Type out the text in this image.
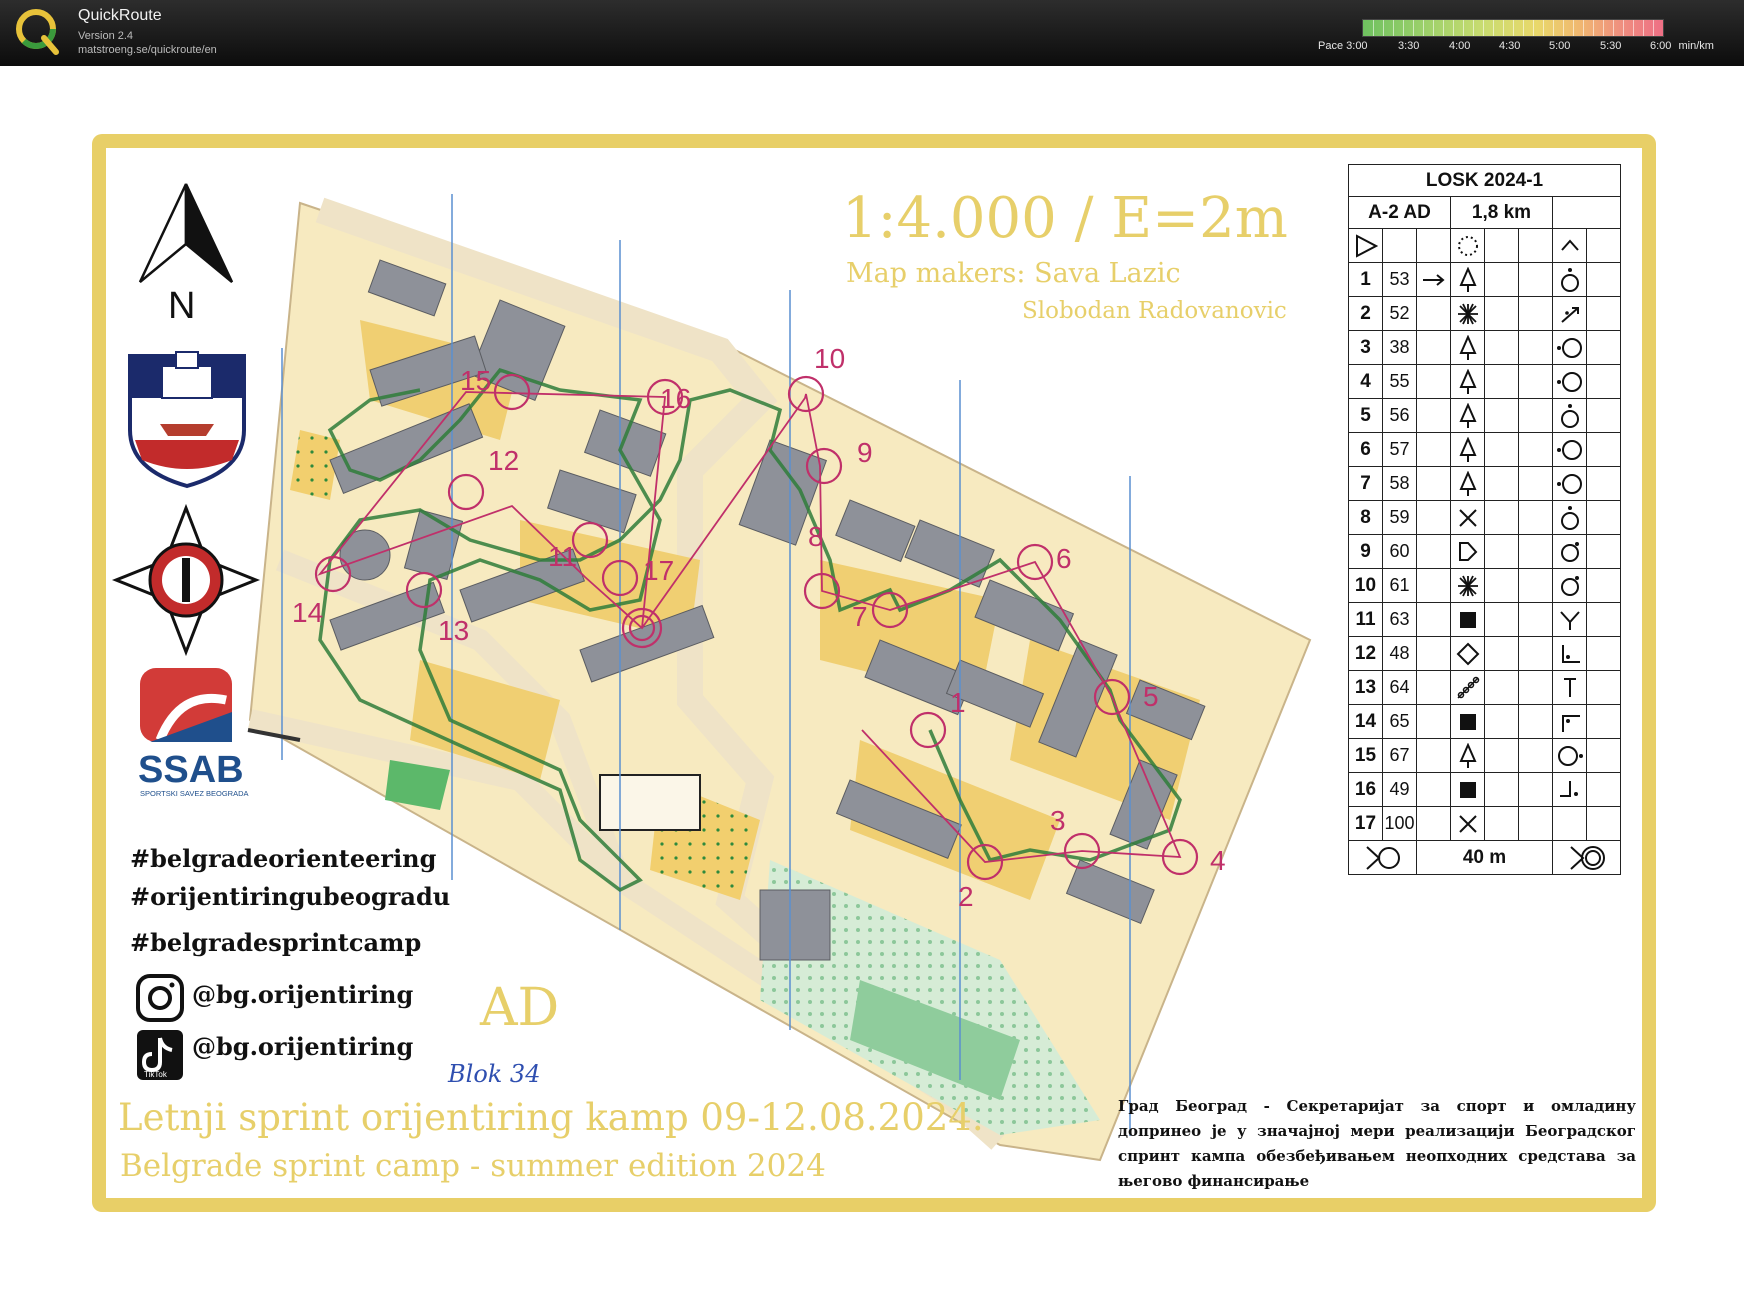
QuickRoute
Version 2.4
matstroeng.se/quickroute/en	Pace 3:00	3:30	4:00	4:30	5:00	5:30	6:00 min/km
1
2
3
4
5
6
7
8
9
10
11
12
13
14
15
16
17
N
SSAB
SPORTSKI SAVEZ BEOGRADA
TikTok
1:4.000 / E=2m
Map makers: Sava Lazic
Slobodan Radovanovic
#belgradeorienteering
#orijentiringubeogradu
#belgradesprintcamp
@bg.orijentiring
@bg.orijentiring
AD
Blok 34
Letnji sprint orijentiring kamp 09-12.08.2024.
Belgrade sprint camp - summer edition 2024
Град Београд - Секретаријат за спорт и омладину допринео је у значајној мери реализацији Београдског спринт кампа обезбеђивањем неопходних средстава за његово финансирање
LOSK 2024-1							
A-2 AD			1,8 km				

1	53	

2	52		

3	38		

4	55		

5	56		

6	57		

7	58		

8	59		

9	60		

10	61		

11	63		

12	48		

13	64		

14	65		

15	67		

16	49		

17	100		

	40 m	
